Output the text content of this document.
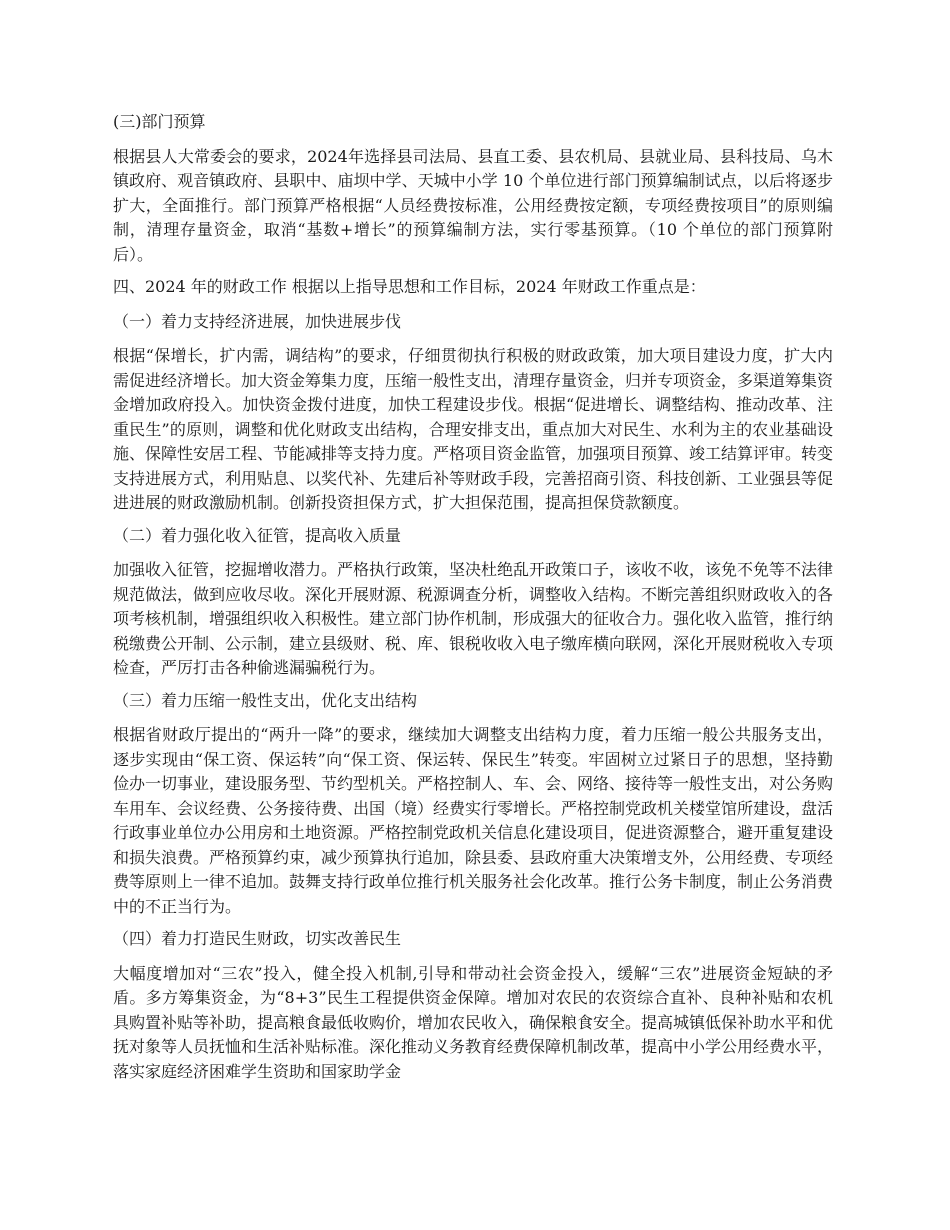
(三)部门预算

根据县人大常委会的要求，2024年选择县司法局、县直工委、县农机局、县就业局、县科技局、乌木镇政府、观音镇政府、县职中、庙坝中学、天城中小学 10 个单位进行部门预算编制试点，以后将逐步扩大，全面推行。部门预算严格根据“人员经费按标准，公用经费按定额，专项经费按项目”的原则编制，清理存量资金，取消“基数+增长”的预算编制方法，实行零基预算。（10 个单位的部门预算附后）。

四、2024 年的财政工作 根据以上指导思想和工作目标，2024 年财政工作重点是：

（一）着力支持经济进展，加快进展步伐

根据“保增长，扩内需，调结构”的要求，仔细贯彻执行积极的财政政策，加大项目建设力度，扩大内需促进经济增长。加大资金筹集力度，压缩一般性支出，清理存量资金，归并专项资金，多渠道筹集资金增加政府投入。加快资金拨付进度，加快工程建设步伐。根据“促进增长、调整结构、推动改革、注重民生”的原则，调整和优化财政支出结构，合理安排支出，重点加大对民生、水利为主的农业基础设施、保障性安居工程、节能减排等支持力度。严格项目资金监管，加强项目预算、竣工结算评审。转变支持进展方式，利用贴息、以奖代补、先建后补等财政手段，完善招商引资、科技创新、工业强县等促进进展的财政激励机制。创新投资担保方式，扩大担保范围，提高担保贷款额度。

（二）着力强化收入征管，提高收入质量

加强收入征管，挖掘增收潜力。严格执行政策，坚决杜绝乱开政策口子，该收不收，该免不免等不法律规范做法，做到应收尽收。深化开展财源、税源调查分析，调整收入结构。不断完善组织财政收入的各项考核机制，增强组织收入积极性。建立部门协作机制，形成强大的征收合力。强化收入监管，推行纳税缴费公开制、公示制，建立县级财、税、库、银税收收入电子缴库横向联网，深化开展财税收入专项检查，严厉打击各种偷逃漏骗税行为。

（三）着力压缩一般性支出，优化支出结构

根据省财政厅提出的“两升一降”的要求，继续加大调整支出结构力度，着力压缩一般公共服务支出，逐步实现由“保工资、保运转”向“保工资、保运转、保民生”转变。牢固树立过紧日子的思想，坚持勤俭办一切事业，建设服务型、节约型机关。严格控制人、车、会、网络、接待等一般性支出，对公务购车用车、会议经费、公务接待费、出国（境）经费实行零增长。严格控制党政机关楼堂馆所建设，盘活行政事业单位办公用房和土地资源。严格控制党政机关信息化建设项目，促进资源整合，避开重复建设和损失浪费。严格预算约束，减少预算执行追加，除县委、县政府重大决策增支外，公用经费、专项经费等原则上一律不追加。鼓舞支持行政单位推行机关服务社会化改革。推行公务卡制度，制止公务消费中的不正当行为。

（四）着力打造民生财政，切实改善民生

大幅度增加对“三农”投入，健全投入机制,引导和带动社会资金投入，缓解“三农”进展资金短缺的矛盾。多方筹集资金，为“8+3”民生工程提供资金保障。增加对农民的农资综合直补、良种补贴和农机具购置补贴等补助，提高粮食最低收购价，增加农民收入，确保粮食安全。提高城镇低保补助水平和优抚对象等人员抚恤和生活补贴标准。深化推动义务教育经费保障机制改革，提高中小学公用经费水平，落实家庭经济困难学生资助和国家助学金
